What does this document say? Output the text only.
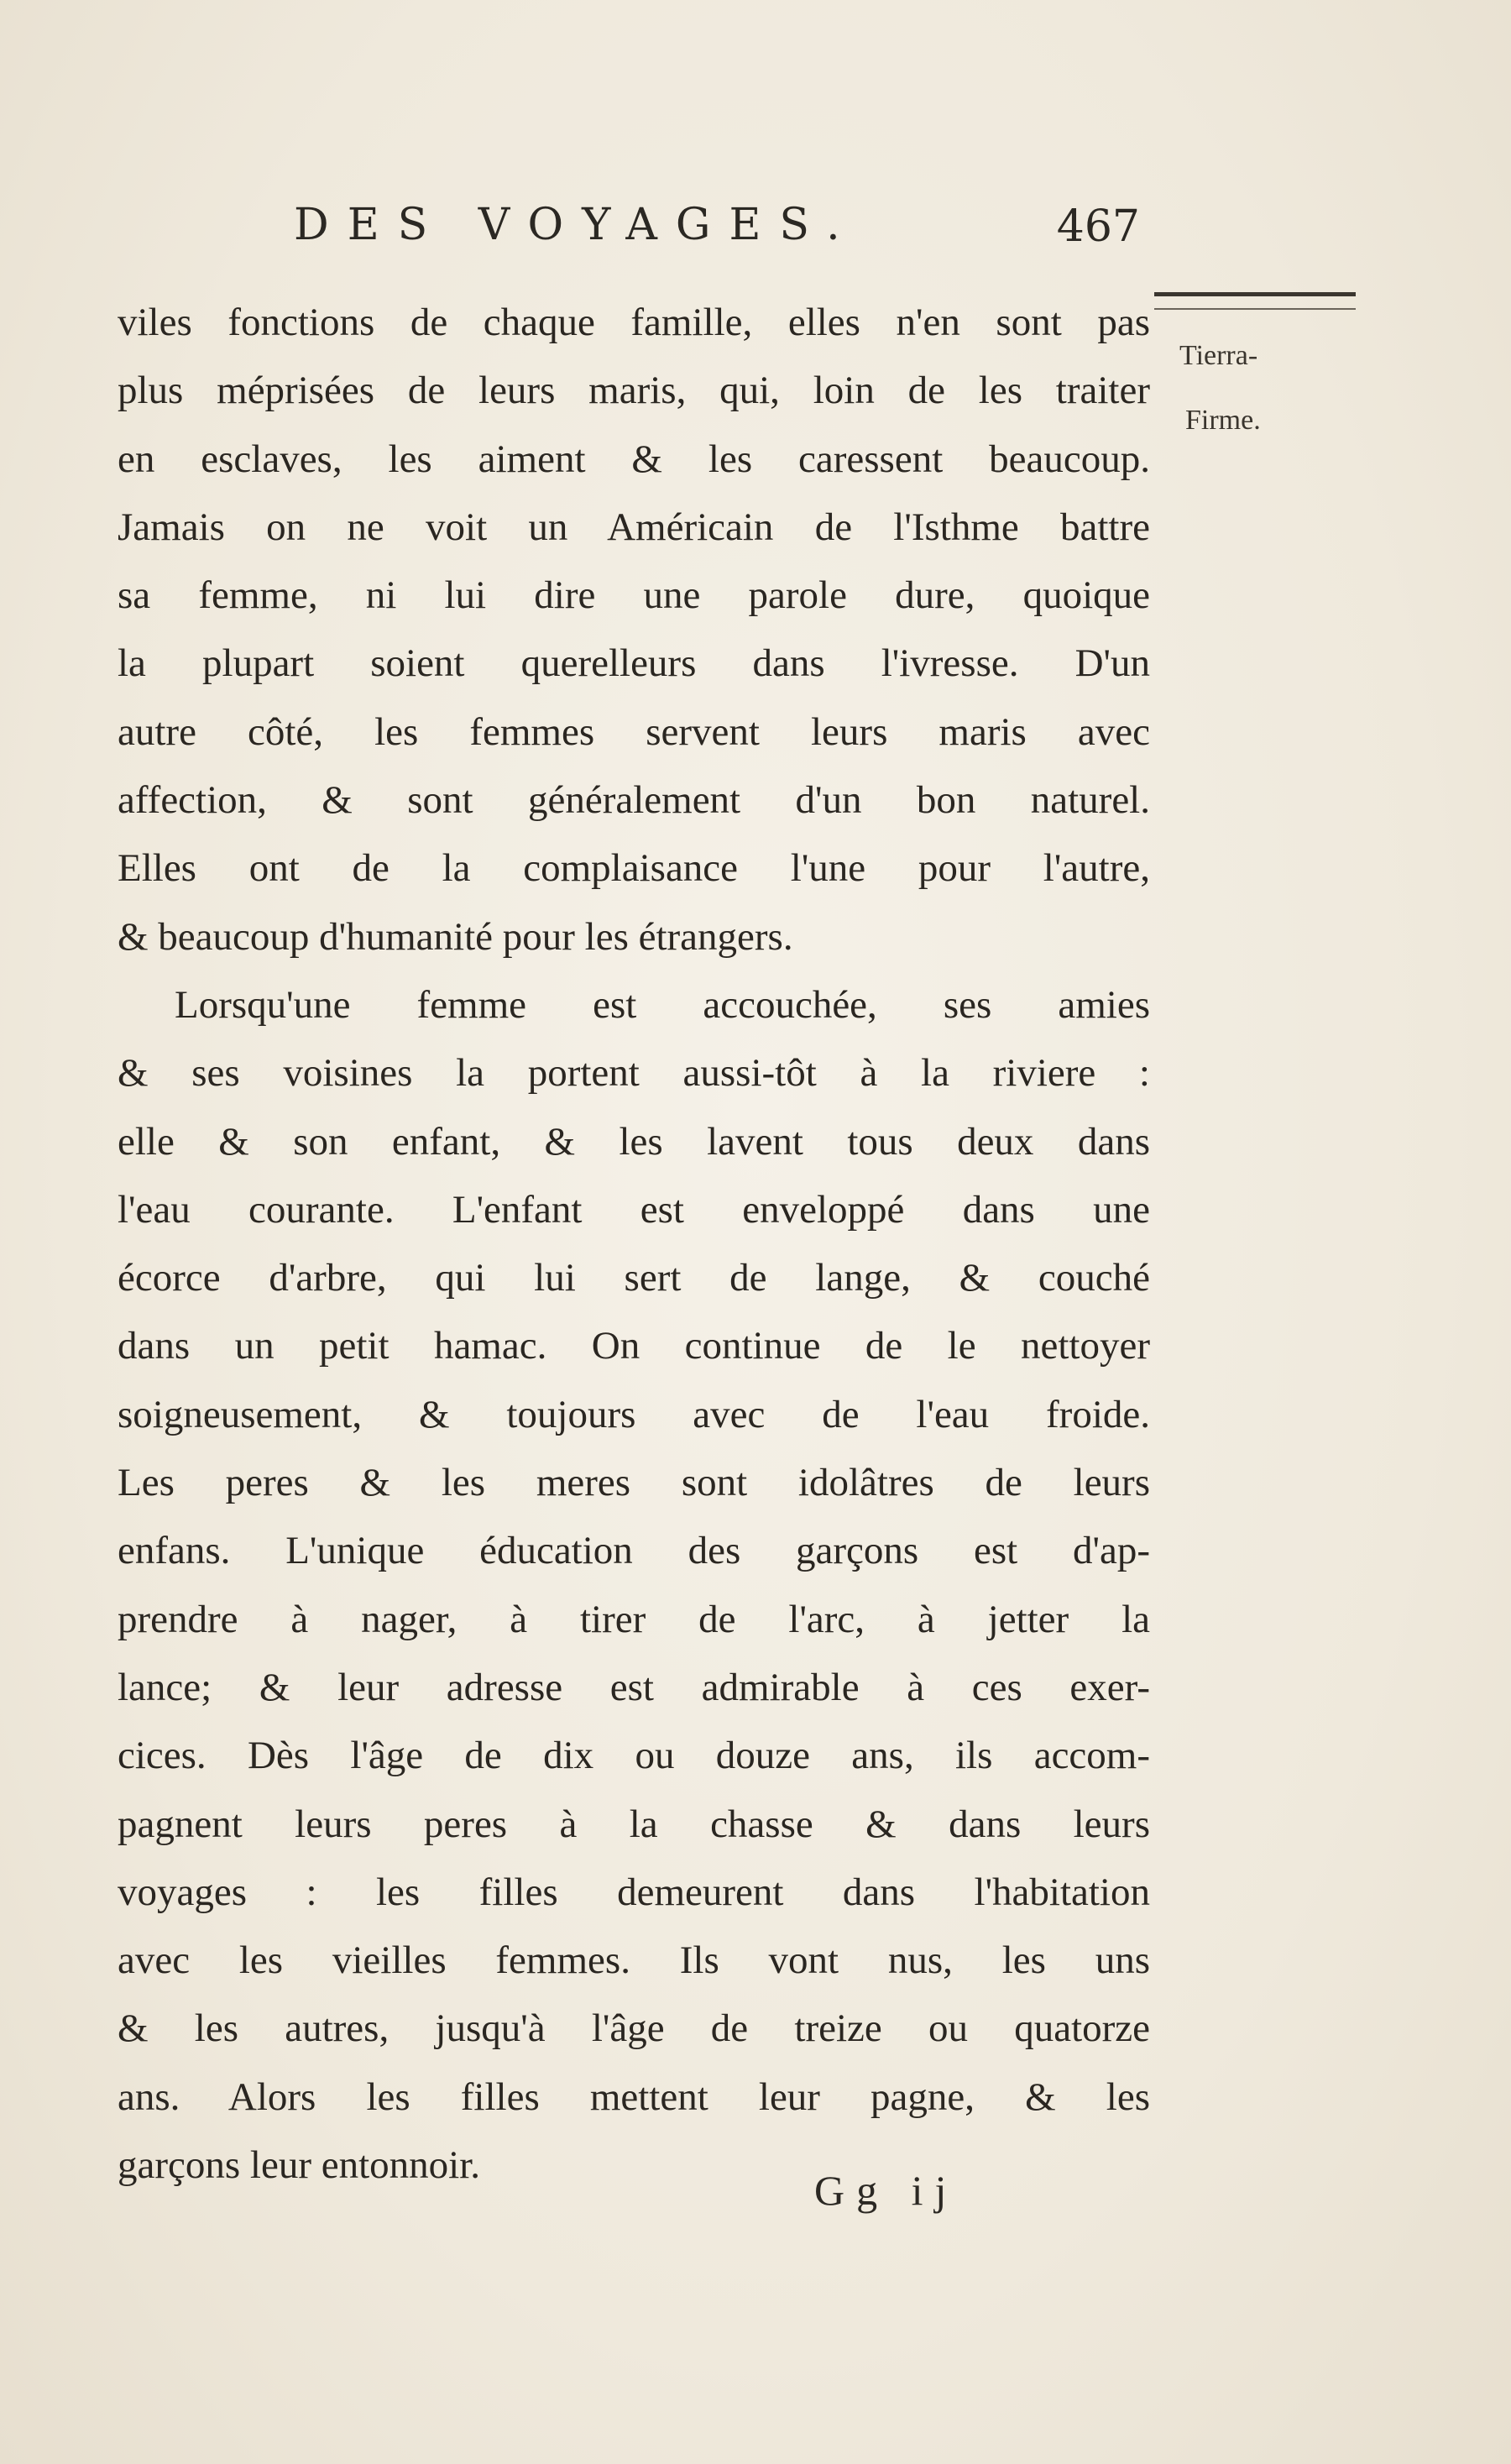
DES VOYAGES.	467
Tierra-
Firme.
viles fonctions de chaque famille, elles n'en sont pas
plus méprisées de leurs maris, qui, loin de les traiter
en esclaves, les aiment & les caressent beaucoup.
Jamais on ne voit un Américain de l'Isthme battre
sa femme, ni lui dire une parole dure, quoique
la plupart soient querelleurs dans l'ivresse. D'un
autre côté, les femmes servent leurs maris avec
affection, & sont généralement d'un bon naturel.
Elles ont de la complaisance l'une pour l'autre,
& beaucoup d'humanité pour les étrangers.
Lorsqu'une femme est accouchée, ses amies
& ses voisines la portent aussi-tôt à la riviere :
elle & son enfant, & les lavent tous deux dans
l'eau courante. L'enfant est enveloppé dans une
écorce d'arbre, qui lui sert de lange, & couché
dans un petit hamac. On continue de le nettoyer
soigneusement, & toujours avec de l'eau froide.
Les peres & les meres sont idolâtres de leurs
enfans. L'unique éducation des garçons est d'ap-
prendre à nager, à tirer de l'arc, à jetter la
lance; & leur adresse est admirable à ces exer-
cices. Dès l'âge de dix ou douze ans, ils accom-
pagnent leurs peres à la chasse & dans leurs
voyages : les filles demeurent dans l'habitation
avec les vieilles femmes. Ils vont nus, les uns
& les autres, jusqu'à l'âge de treize ou quatorze
ans. Alors les filles mettent leur pagne, & les
garçons leur entonnoir.
Gg ij
